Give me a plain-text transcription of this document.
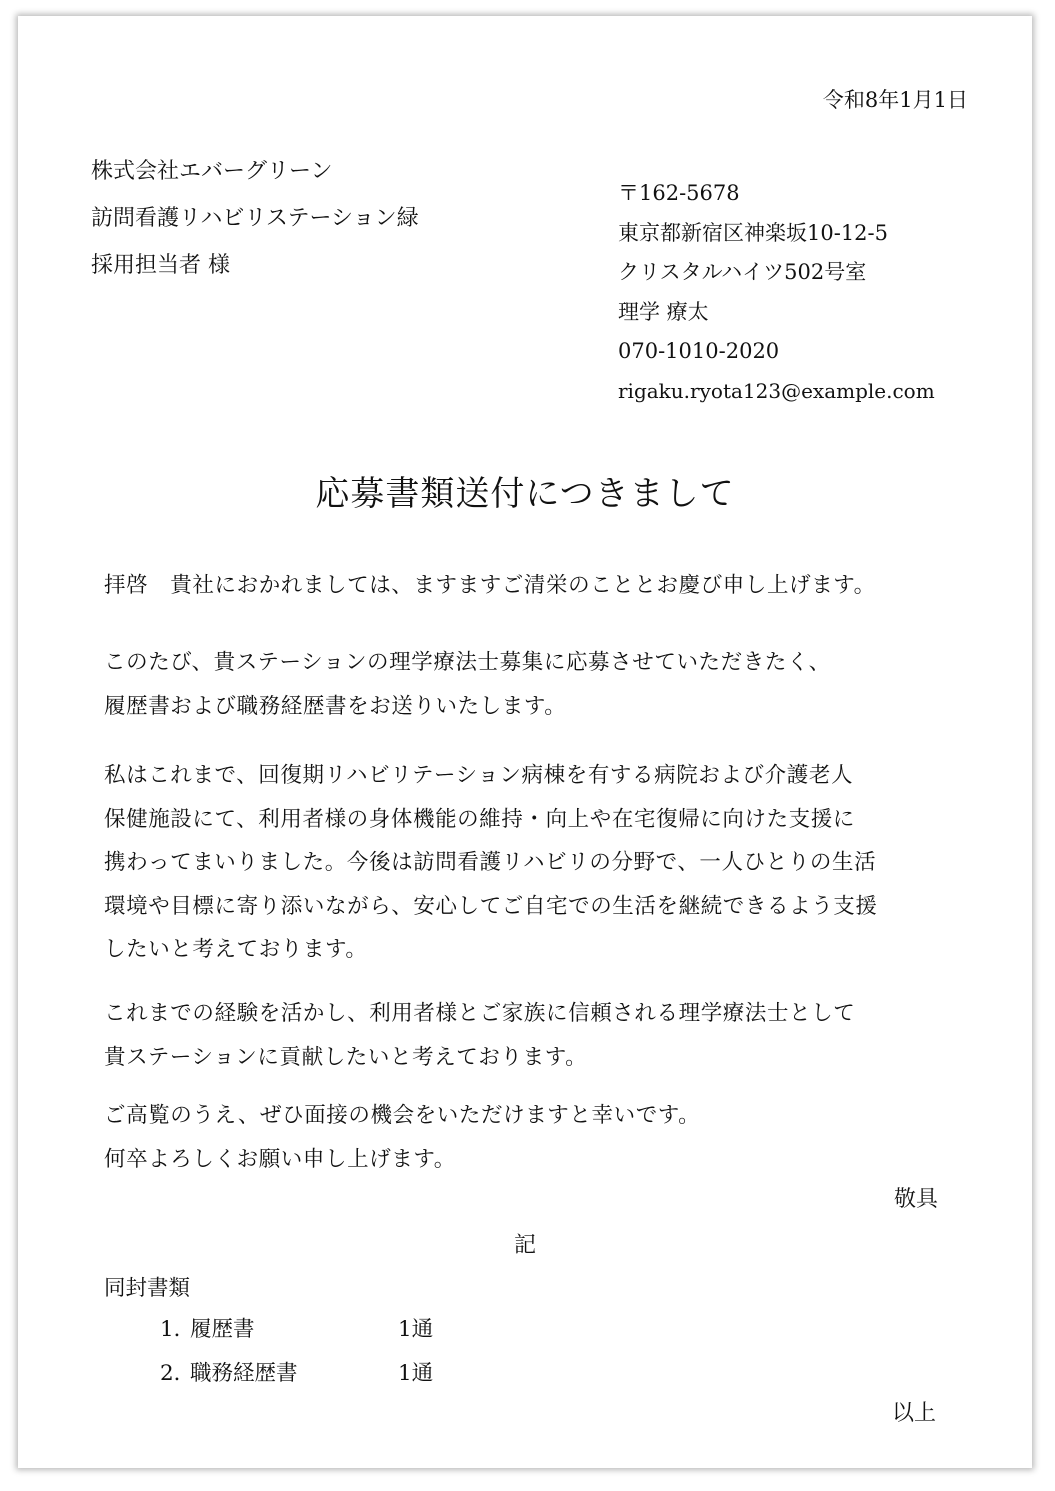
令和8年1月1日
株式会社エバーグリーン
訪問看護リハビリステーション緑
採用担当者 様
〒162-5678
東京都新宿区神楽坂10-12-5
クリスタルハイツ502号室
理学 療太
070-1010-2020
rigaku.ryota123@example.com
応募書類送付につきまして
拝啓　貴社におかれましては、ますますご清栄のこととお慶び申し上げます。
このたび、貴ステーションの理学療法士募集に応募させていただきたく、
履歴書および職務経歴書をお送りいたします。
私はこれまで、回復期リハビリテーション病棟を有する病院および介護老人
保健施設にて、利用者様の身体機能の維持・向上や在宅復帰に向けた支援に
携わってまいりました。今後は訪問看護リハビリの分野で、一人ひとりの生活
環境や目標に寄り添いながら、安心してご自宅での生活を継続できるよう支援
したいと考えております。
これまでの経験を活かし、利用者様とご家族に信頼される理学療法士として
貴ステーションに貢献したいと考えております。
ご高覧のうえ、ぜひ面接の機会をいただけますと幸いです。
何卒よろしくお願い申し上げます。
敬具
記
同封書類
1．
履歴書	1通
2．
職務経歴書	1通
以上
